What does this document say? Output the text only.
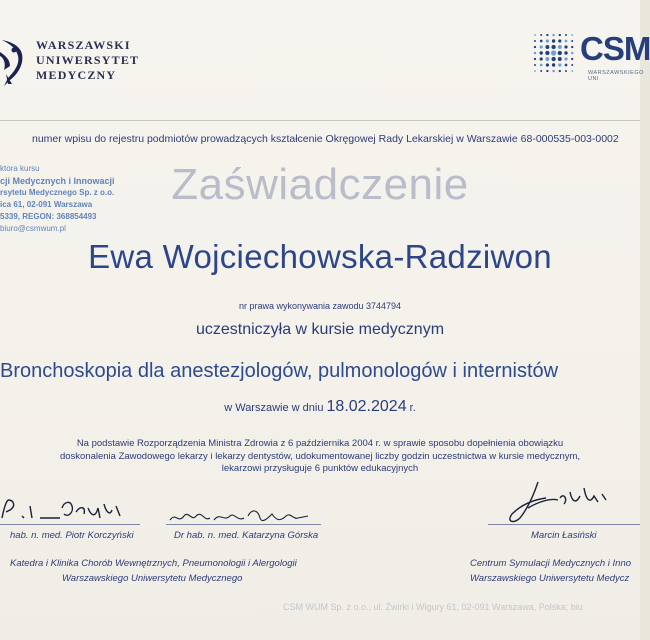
WARSZAWSKI
UNIWERSYTET
MEDYCZNY
CSM
WARSZAWSKIEGO UNI
numer wpisu do rejestru podmiotów prowadzących kształcenie Okręgowej Rady Lekarskiej w Warszawie 68-000535-003-0002
ktora kursu
cji Medycznych i Innowacji
rsytetu Medycznego Sp. z o.o.
ica 61, 02-091 Warszawa
5339, REGON: 368854493
biuro@csmwum.pl
Zaświadczenie
Ewa Wojciechowska-Radziwon
nr prawa wykonywania zawodu 3744794
uczestniczyła w kursie medycznym
Bronchoskopia dla anestezjologów, pulmonologów i internistów
w Warszawie w dniu 18.02.2024 r.
Na podstawie Rozporządzenia Ministra Zdrowia z 6 października 2004 r. w sprawie sposobu dopełnienia obowiązku
doskonalenia Zawodowego lekarzy i lekarzy dentystów, udokumentowanej liczby godzin uczestnictwa w kursie medycznym,
lekarzowi przysługuje 6 punktów edukacyjnych
hab. n. med. Piotr Korczyński	Dr hab. n. med. Katarzyna Górska	Marcin Łasiński
Katedra i Klinika Chorób Wewnętrznych, Pneumonologii i Alergologii
Warszawskiego Uniwersytetu Medycznego
Centrum Symulacji Medycznych i Inno
Warszawskiego Uniwersytetu Medycz
CSM WUM Sp. z o.o., ul. Żwirki i Wigury 61, 02-091 Warszawa, Polska; biu
